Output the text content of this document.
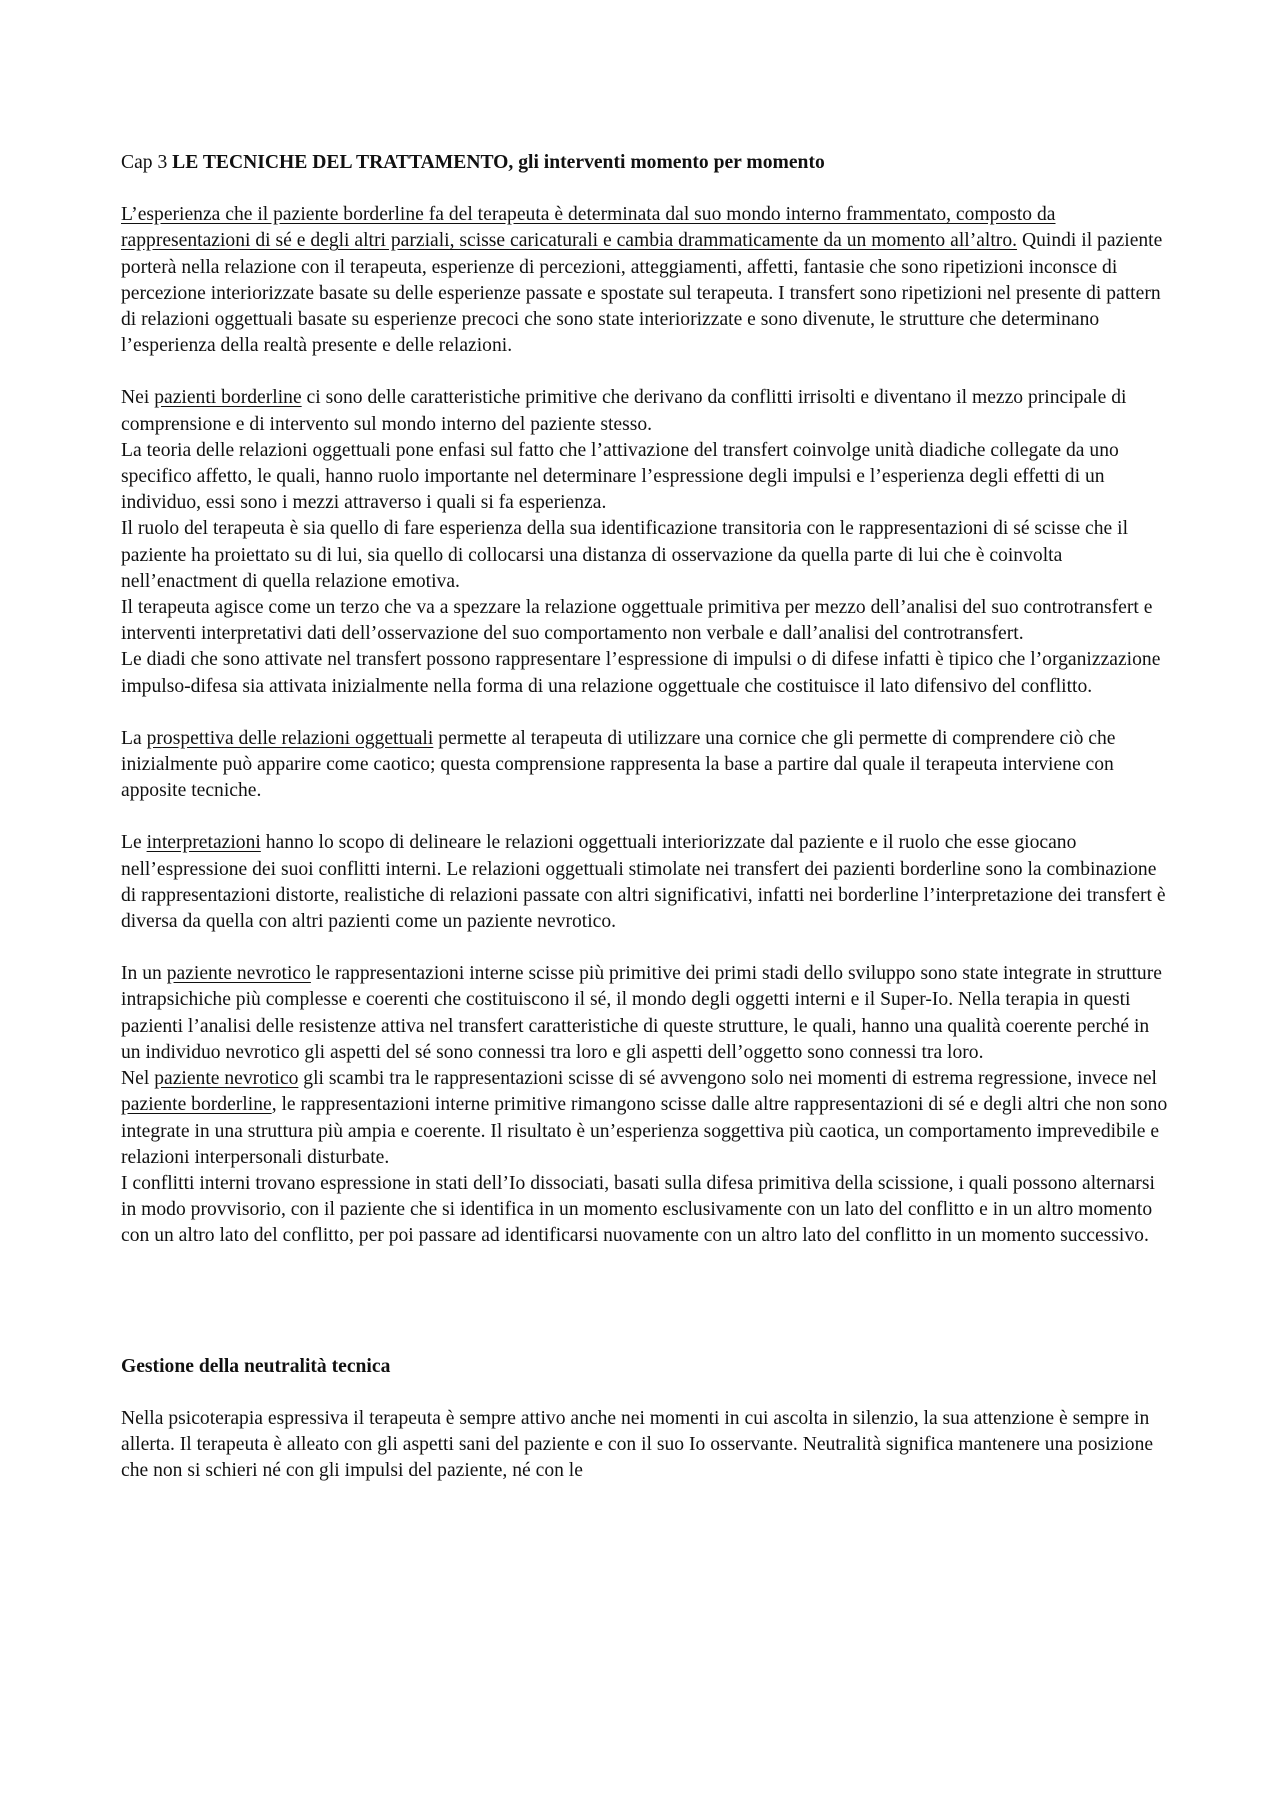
Cap 3 LE TECNICHE DEL TRATTAMENTO, gli interventi momento per momento

L’esperienza che il paziente borderline fa del terapeuta è determinata dal suo mondo interno frammentato, composto da rappresentazioni di sé e degli altri parziali, scisse caricaturali e cambia drammaticamente da un momento all’altro. Quindi il paziente porterà nella relazione con il terapeuta, esperienze di percezioni, atteggiamenti, affetti, fantasie che sono ripetizioni inconsce di percezione interiorizzate basate su delle esperienze passate e spostate sul terapeuta. I transfert sono ripetizioni nel presente di pattern di relazioni oggettuali basate su esperienze precoci che sono state interiorizzate e sono divenute, le strutture che determinano l’esperienza della realtà presente e delle relazioni.

Nei pazienti borderline ci sono delle caratteristiche primitive che derivano da conflitti irrisolti e diventano il mezzo principale di comprensione e di intervento sul mondo interno del paziente stesso.

La teoria delle relazioni oggettuali pone enfasi sul fatto che l’attivazione del transfert coinvolge unità diadiche collegate da uno specifico affetto, le quali, hanno ruolo importante nel determinare l’espressione degli impulsi e l’esperienza degli effetti di un individuo, essi sono i mezzi attraverso i quali si fa esperienza.

Il ruolo del terapeuta è sia quello di fare esperienza della sua identificazione transitoria con le rappresentazioni di sé scisse che il paziente ha proiettato su di lui, sia quello di collocarsi una distanza di osservazione da quella parte di lui che è coinvolta nell’enactment di quella relazione emotiva.

Il terapeuta agisce come un terzo che va a spezzare la relazione oggettuale primitiva per mezzo dell’analisi del suo controtransfert e interventi interpretativi dati dell’osservazione del suo comportamento non verbale e dall’analisi del controtransfert.

Le diadi che sono attivate nel transfert possono rappresentare l’espressione di impulsi o di difese infatti è tipico che l’organizzazione impulso-difesa sia attivata inizialmente nella forma di una relazione oggettuale che costituisce il lato difensivo del conflitto.

La prospettiva delle relazioni oggettuali permette al terapeuta di utilizzare una cornice che gli permette di comprendere ciò che inizialmente può apparire come caotico; questa comprensione rappresenta la base a partire dal quale il terapeuta interviene con apposite tecniche.

Le interpretazioni hanno lo scopo di delineare le relazioni oggettuali interiorizzate dal paziente e il ruolo che esse giocano nell’espressione dei suoi conflitti interni. Le relazioni oggettuali stimolate nei transfert dei pazienti borderline sono la combinazione di rappresentazioni distorte, realistiche di relazioni passate con altri significativi, infatti nei borderline l’interpretazione dei transfert è diversa da quella con altri pazienti come un paziente nevrotico.

In un paziente nevrotico le rappresentazioni interne scisse più primitive dei primi stadi dello sviluppo sono state integrate in strutture intrapsichiche più complesse e coerenti che costituiscono il sé, il mondo degli oggetti interni e il Super-Io. Nella terapia in questi pazienti l’analisi delle resistenze attiva nel transfert caratteristiche di queste strutture, le quali, hanno una qualità coerente perché in un individuo nevrotico gli aspetti del sé sono connessi tra loro e gli aspetti dell’oggetto sono connessi tra loro.

Nel paziente nevrotico gli scambi tra le rappresentazioni scisse di sé avvengono solo nei momenti di estrema regressione, invece nel paziente borderline, le rappresentazioni interne primitive rimangono scisse dalle altre rappresentazioni di sé e degli altri che non sono integrate in una struttura più ampia e coerente. Il risultato è un’esperienza soggettiva più caotica, un comportamento imprevedibile e relazioni interpersonali disturbate.

I conflitti interni trovano espressione in stati dell’Io dissociati, basati sulla difesa primitiva della scissione, i quali possono alternarsi in modo provvisorio, con il paziente che si identifica in un momento esclusivamente con un lato del conflitto e in un altro momento con un altro lato del conflitto, per poi passare ad identificarsi nuovamente con un altro lato del conflitto in un momento successivo.

Gestione della neutralità tecnica

Nella psicoterapia espressiva il terapeuta è sempre attivo anche nei momenti in cui ascolta in silenzio, la sua attenzione è sempre in allerta. Il terapeuta è alleato con gli aspetti sani del paziente e con il suo Io osservante. Neutralità significa mantenere una posizione che non si schieri né con gli impulsi del paziente, né con le
